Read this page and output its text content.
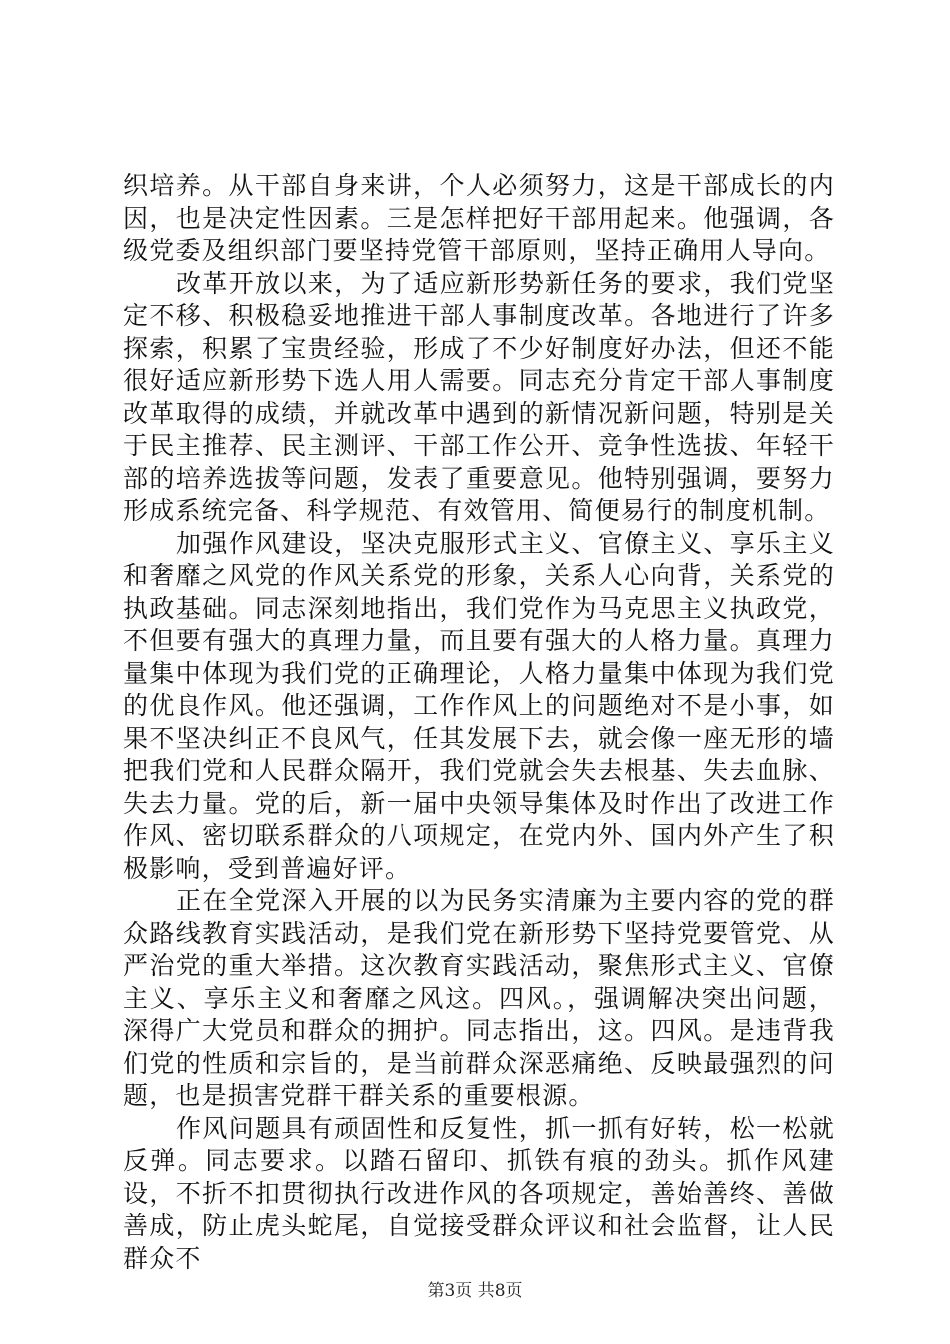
织培养。从干部自身来讲，个人必须努力，这是干部成长的内因，也是决定性因素。三是怎样把好干部用起来。他强调，各级党委及组织部门要坚持党管干部原则，坚持正确用人导向。

改革开放以来，为了适应新形势新任务的要求，我们党坚定不移、积极稳妥地推进干部人事制度改革。各地进行了许多探索，积累了宝贵经验，形成了不少好制度好办法，但还不能很好适应新形势下选人用人需要。同志充分肯定干部人事制度改革取得的成绩，并就改革中遇到的新情况新问题，特别是关于民主推荐、民主测评、干部工作公开、竞争性选拔、年轻干部的培养选拔等问题，发表了重要意见。他特别强调，要努力形成系统完备、科学规范、有效管用、简便易行的制度机制。

加强作风建设，坚决克服形式主义、官僚主义、享乐主义和奢靡之风党的作风关系党的形象，关系人心向背，关系党的执政基础。同志深刻地指出，我们党作为马克思主义执政党，不但要有强大的真理力量，而且要有强大的人格力量。真理力量集中体现为我们党的正确理论，人格力量集中体现为我们党的优良作风。他还强调，工作作风上的问题绝对不是小事，如果不坚决纠正不良风气，任其发展下去，就会像一座无形的墙把我们党和人民群众隔开，我们党就会失去根基、失去血脉、失去力量。党的后，新一届中央领导集体及时作出了改进工作作风、密切联系群众的八项规定，在党内外、国内外产生了积极影响，受到普遍好评。

正在全党深入开展的以为民务实清廉为主要内容的党的群众路线教育实践活动，是我们党在新形势下坚持党要管党、从严治党的重大举措。这次教育实践活动，聚焦形式主义、官僚主义、享乐主义和奢靡之风这。四风。，强调解决突出问题，深得广大党员和群众的拥护。同志指出，这。四风。是违背我们党的性质和宗旨的，是当前群众深恶痛绝、反映最强烈的问题，也是损害党群干群关系的重要根源。

作风问题具有顽固性和反复性，抓一抓有好转，松一松就反弹。同志要求。以踏石留印、抓铁有痕的劲头。抓作风建设，不折不扣贯彻执行改进作风的各项规定，善始善终、善做善成，防止虎头蛇尾，自觉接受群众评议和社会监督，让人民群众不

第3页 共8页
